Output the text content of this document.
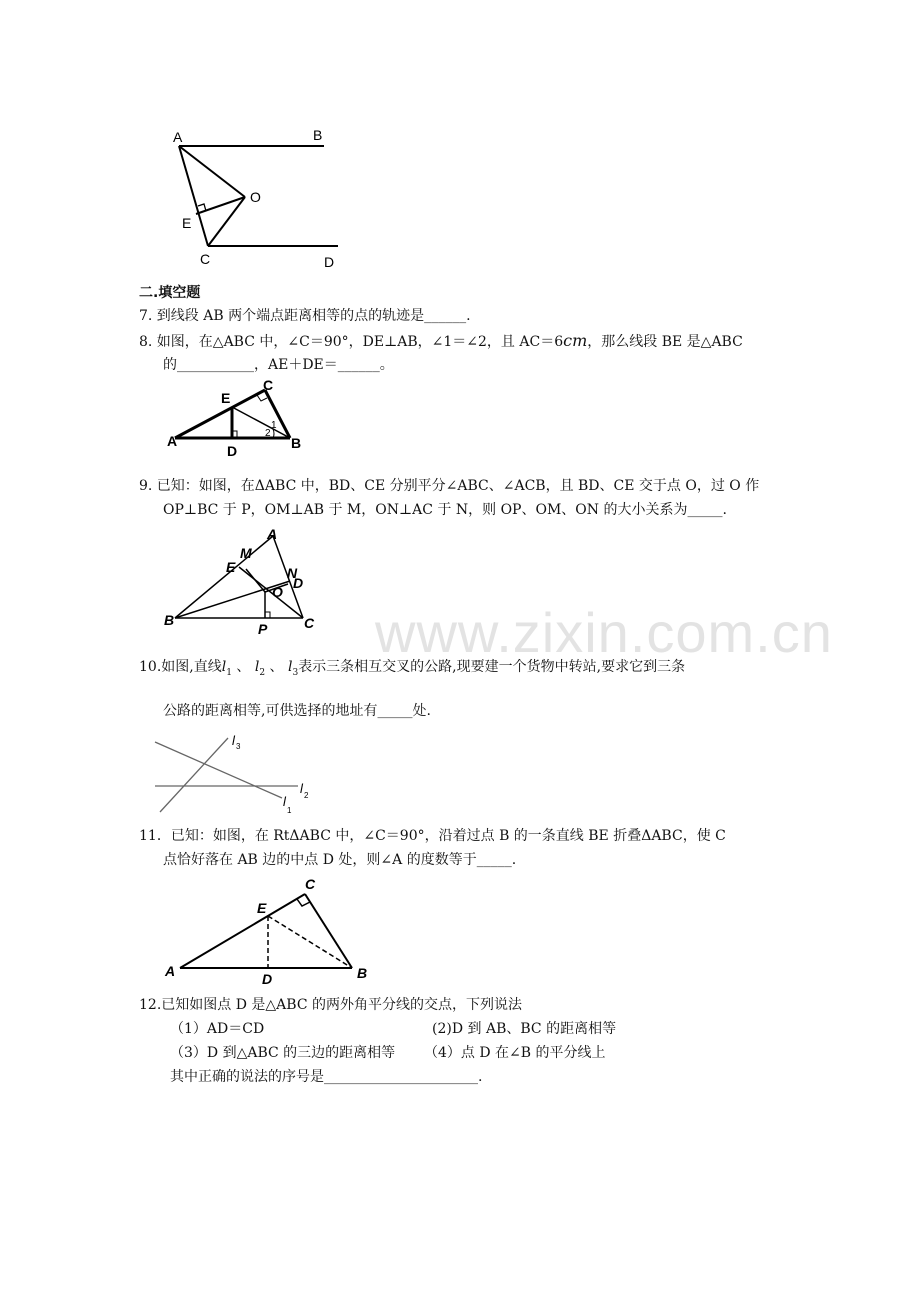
www.zixin.com.cn
A	B
C	D
E
O
二.填空题
7. 到线段 AB 两个端点距离相等的点的轨迹是______.
8. 如图，在△ABC 中，∠C＝90°，DE⊥AB，∠1＝∠2，且 AC＝6cm，那么线段 BE 是△ABC
的___________，AE＋DE＝______。
A	B
C
D
E
1
2
9. 已知：如图，在ΔABC 中，BD、CE 分别平分∠ABC、∠ACB，且 BD、CE 交于点 O，过 O 作
OP⊥BC 于 P，OM⊥AB 于 M，ON⊥AC 于 N，则 OP、OM、ON 的大小关系为_____.
A
B	C
D
E
M
N
O
P
10.如图,直线$l_1$ 、 $l_2$ 、 $l_3$表示三条相互交叉的公路,现要建一个货物中转站,要求它到三条
公路的距离相等,可供选择的地址有_____处.
l 3
l 2
l
1
11．已知：如图，在 RtΔABC 中，∠C＝90°，沿着过点 B 的一条直线 BE 折叠ΔABC，使 C
点恰好落在 AB 边的中点 D 处，则∠A 的度数等于_____.
A	B
C
D
E
12.已知如图点 D 是△ABC 的两外角平分线的交点，下列说法
（1）AD＝CD	(2)D 到 AB、BC 的距离相等
（3）D 到△ABC 的三边的距离相等 （4）点 D 在∠B 的平分线上
其中正确的说法的序号是______________________.
